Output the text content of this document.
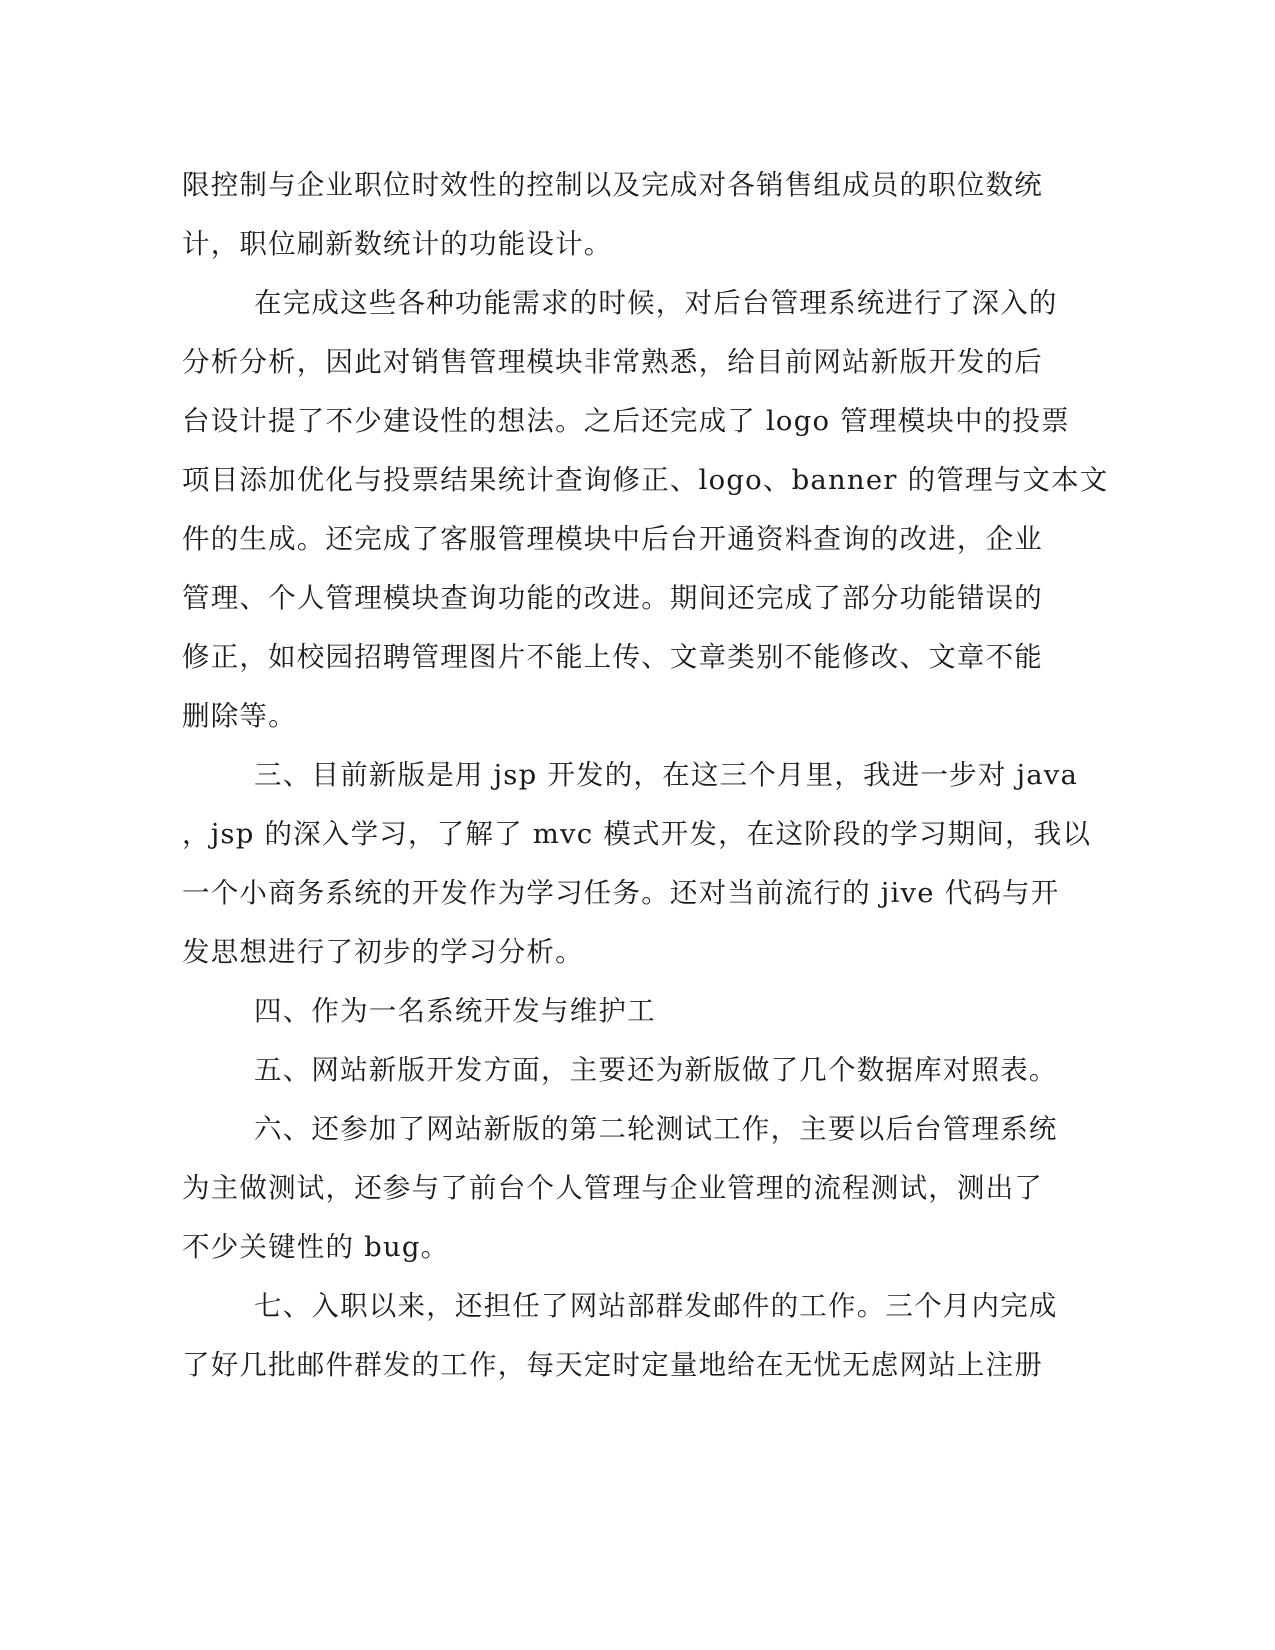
限控制与企业职位时效性的控制以及完成对各销售组成员的职位数统
计，职位刷新数统计的功能设计。
在完成这些各种功能需求的时候，对后台管理系统进行了深入的
分析分析，因此对销售管理模块非常熟悉，给目前网站新版开发的后
台设计提了不少建设性的想法。之后还完成了 logo 管理模块中的投票
项目添加优化与投票结果统计查询修正、logo、banner 的管理与文本文
件的生成。还完成了客服管理模块中后台开通资料查询的改进，企业
管理、个人管理模块查询功能的改进。期间还完成了部分功能错误的
修正，如校园招聘管理图片不能上传、文章类别不能修改、文章不能
删除等。
三、目前新版是用 jsp 开发的，在这三个月里，我进一步对 java
，jsp 的深入学习，了解了 mvc 模式开发，在这阶段的学习期间，我以
一个小商务系统的开发作为学习任务。还对当前流行的 jive 代码与开
发思想进行了初步的学习分析。
四、作为一名系统开发与维护工
五、网站新版开发方面，主要还为新版做了几个数据库对照表。
六、还参加了网站新版的第二轮测试工作，主要以后台管理系统
为主做测试，还参与了前台个人管理与企业管理的流程测试，测出了
不少关键性的 bug。
七、入职以来，还担任了网站部群发邮件的工作。三个月内完成
了好几批邮件群发的工作，每天定时定量地给在无忧无虑网站上注册
